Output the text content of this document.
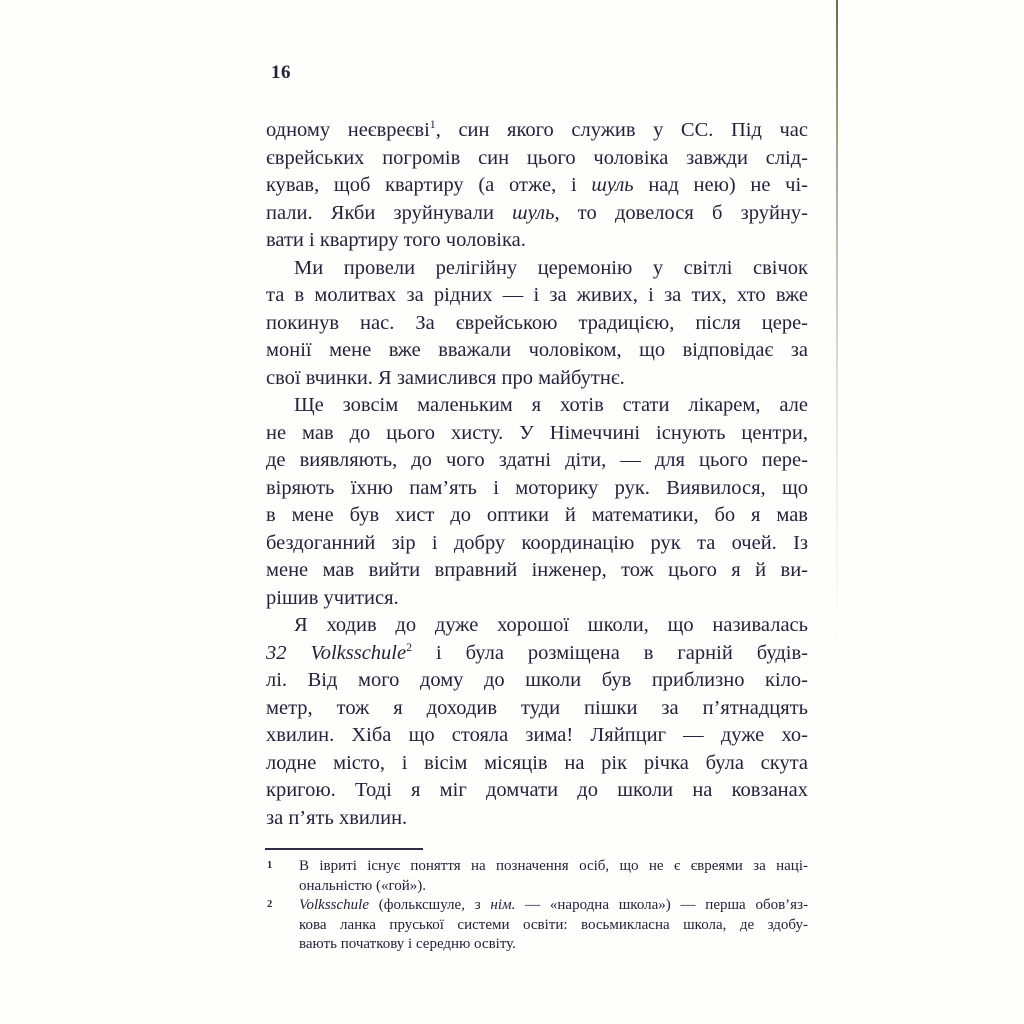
16
одному неєвреєві$^1$, син якого служив у СС. Під час
єврейських погромів син цього чоловіка завжди слід-
кував, щоб квартиру (а отже, і шуль над нею) не чі-
пали. Якби зруйнували шуль, то довелося б зруйну-
вати і квартиру того чоловіка.
Ми провели релігійну церемонію у світлі свічок
та в молитвах за рідних — і за живих, і за тих, хто вже
покинув нас. За єврейською традицією, після цере-
монії мене вже вважали чоловіком, що відповідає за
свої вчинки. Я замислився про майбутнє.
Ще зовсім маленьким я хотів стати лікарем, але
не мав до цього хисту. У Німеччині існують центри,
де виявляють, до чого здатні діти, — для цього пере-
віряють їхню пам’ять і моторику рук. Виявилося, що
в мене був хист до оптики й математики, бо я мав
бездоганний зір і добру координацію рук та очей. Із
мене мав вийти вправний інженер, тож цього я й ви-
рішив учитися.
Я ходив до дуже хорошої школи, що називалась
32 Volksschule$^2$ і була розміщена в гарній будів-
лі. Від мого дому до школи був приблизно кіло-
метр, тож я доходив туди пішки за п’ятнадцять
хвилин. Хіба що стояла зима! Ляйпциг — дуже хо-
лодне місто, і вісім місяців на рік річка була скута
кригою. Тоді я міг домчати до школи на ковзанах
за п’ять хвилин.
1 В івриті існує поняття на позначення осіб, що не є євреями за наці-
ональністю («гой»).
2 Volksschule (фольксшуле, з нім. — «народна школа») — перша обов’яз-
кова ланка пруської системи освіти: восьмикласна школа, де здобу-
вають початкову і середню освіту.
